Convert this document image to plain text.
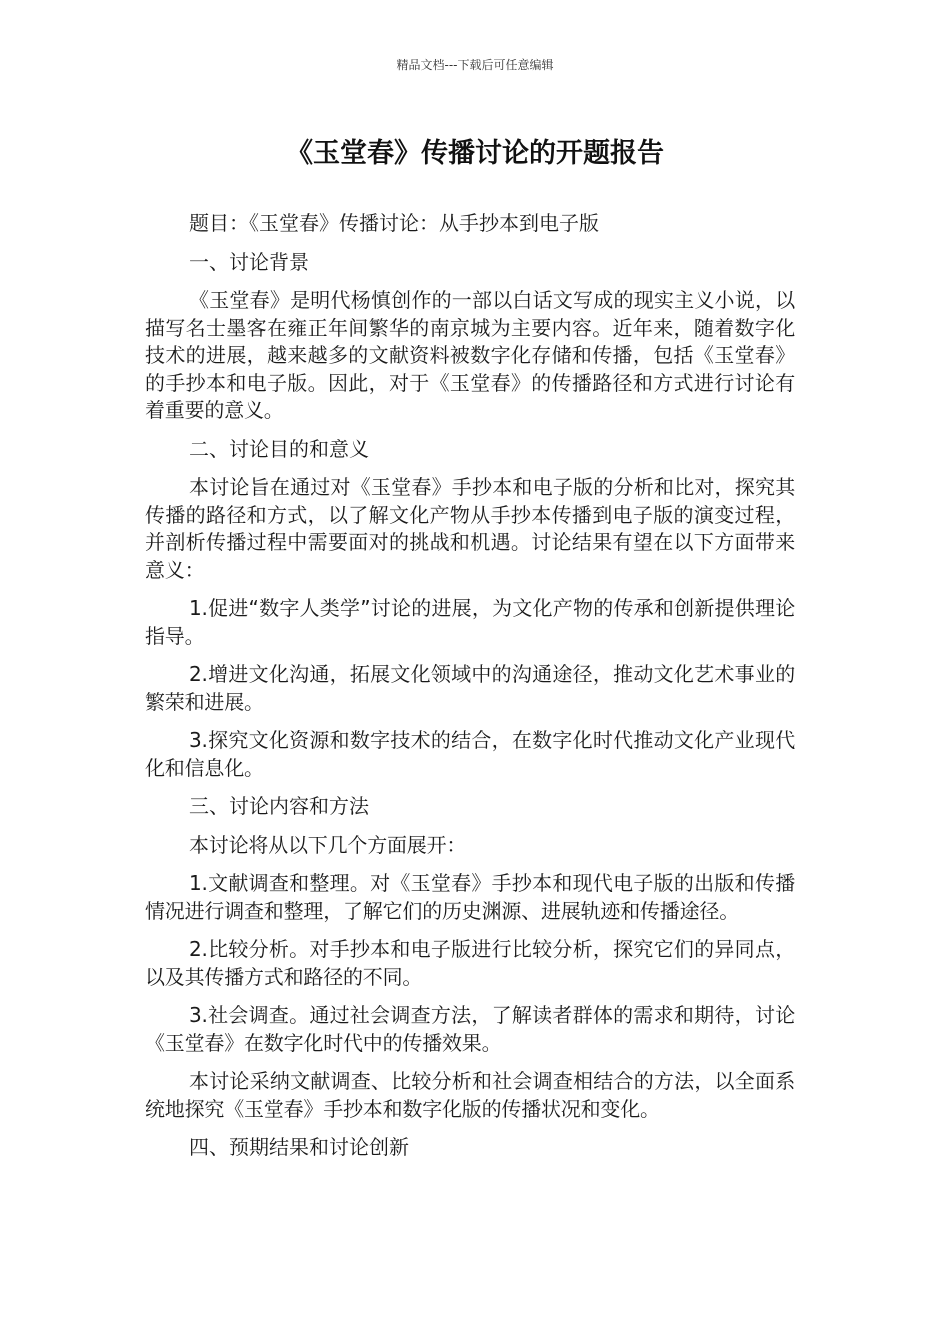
精品文档---下载后可任意编辑
《玉堂春》传播讨论的开题报告

题目：《玉堂春》传播讨论：从手抄本到电子版

一、讨论背景

《玉堂春》是明代杨慎创作的一部以白话文写成的现实主义小说，以描写名士墨客在雍正年间繁华的南京城为主要内容。近年来，随着数字化技术的进展，越来越多的文献资料被数字化存储和传播，包括《玉堂春》的手抄本和电子版。因此，对于《玉堂春》的传播路径和方式进行讨论有着重要的意义。

二、讨论目的和意义

本讨论旨在通过对《玉堂春》手抄本和电子版的分析和比对，探究其传播的路径和方式，以了解文化产物从手抄本传播到电子版的演变过程，并剖析传播过程中需要面对的挑战和机遇。讨论结果有望在以下方面带来意义：

1.促进“数字人类学”讨论的进展，为文化产物的传承和创新提供理论指导。

2.增进文化沟通，拓展文化领域中的沟通途径，推动文化艺术事业的繁荣和进展。

3.探究文化资源和数字技术的结合，在数字化时代推动文化产业现代化和信息化。

三、讨论内容和方法

本讨论将从以下几个方面展开：

1.文献调查和整理。对《玉堂春》手抄本和现代电子版的出版和传播情况进行调查和整理，了解它们的历史渊源、进展轨迹和传播途径。

2.比较分析。对手抄本和电子版进行比较分析，探究它们的异同点，以及其传播方式和路径的不同。

3.社会调查。通过社会调查方法，了解读者群体的需求和期待，讨论《玉堂春》在数字化时代中的传播效果。

本讨论采纳文献调查、比较分析和社会调查相结合的方法，以全面系统地探究《玉堂春》手抄本和数字化版的传播状况和变化。

四、预期结果和讨论创新
